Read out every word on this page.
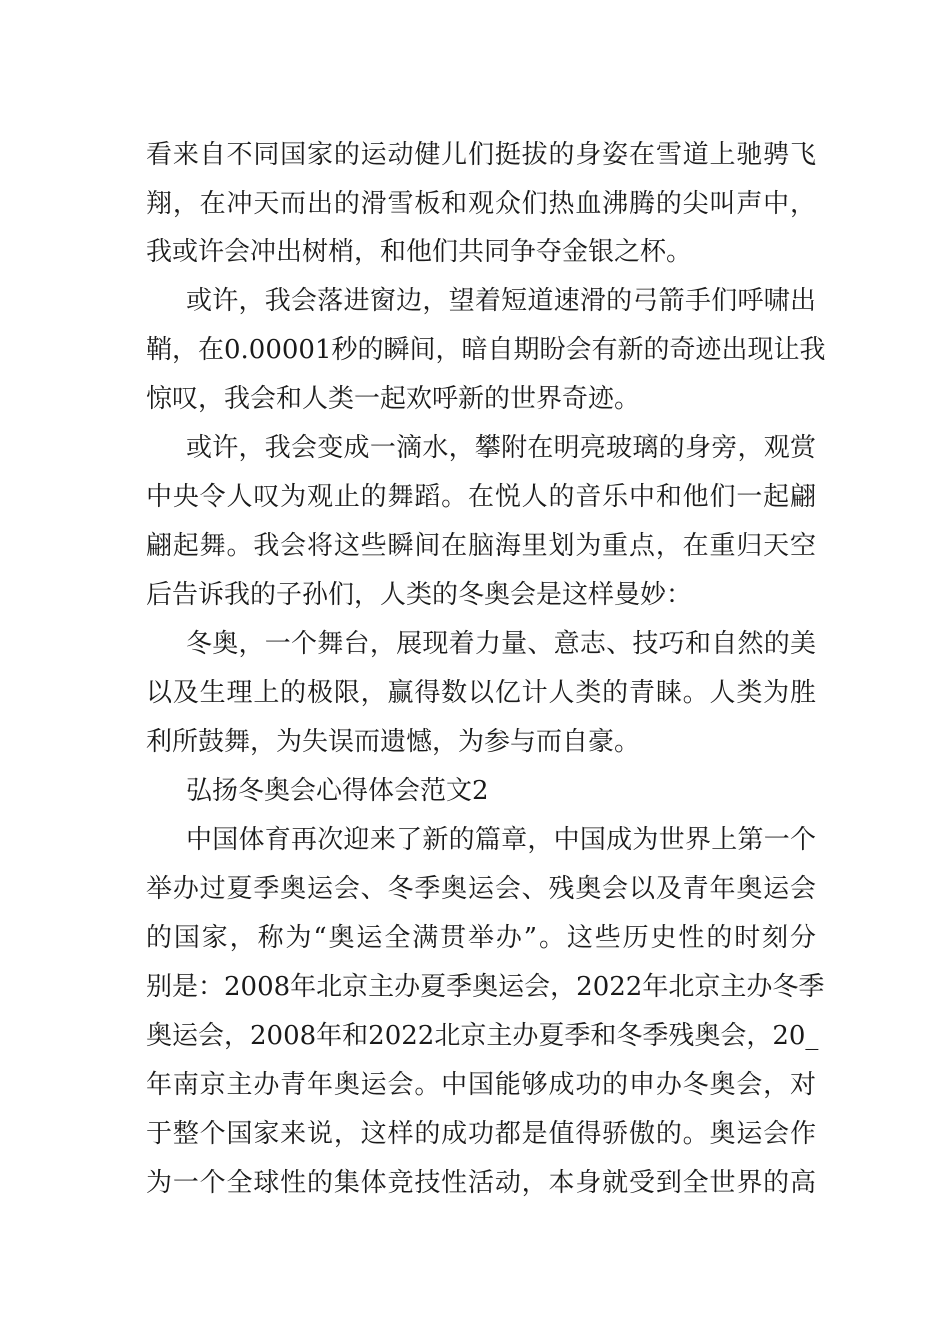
看来自不同国家的运动健儿们挺拔的身姿在雪道上驰骋飞
翔，在冲天而出的滑雪板和观众们热血沸腾的尖叫声中，
我或许会冲出树梢，和他们共同争夺金银之杯。
或许，我会落进窗边，望着短道速滑的弓箭手们呼啸出
鞘，在0.00001秒的瞬间，暗自期盼会有新的奇迹出现让我
惊叹，我会和人类一起欢呼新的世界奇迹。
或许，我会变成一滴水，攀附在明亮玻璃的身旁，观赏
中央令人叹为观止的舞蹈。在悦人的音乐中和他们一起翩
翩起舞。我会将这些瞬间在脑海里划为重点，在重归天空
后告诉我的子孙们，人类的冬奥会是这样曼妙：
冬奥，一个舞台，展现着力量、意志、技巧和自然的美
以及生理上的极限，赢得数以亿计人类的青睐。人类为胜
利所鼓舞，为失误而遗憾，为参与而自豪。
弘扬冬奥会心得体会范文2
中国体育再次迎来了新的篇章，中国成为世界上第一个
举办过夏季奥运会、冬季奥运会、残奥会以及青年奥运会
的国家，称为“奥运全满贯举办”。这些历史性的时刻分
别是：2008年北京主办夏季奥运会，2022年北京主办冬季
奥运会，2008年和2022北京主办夏季和冬季残奥会，20_
年南京主办青年奥运会。中国能够成功的申办冬奥会，对
于整个国家来说，这样的成功都是值得骄傲的。奥运会作
为一个全球性的集体竞技性活动，本身就受到全世界的高
